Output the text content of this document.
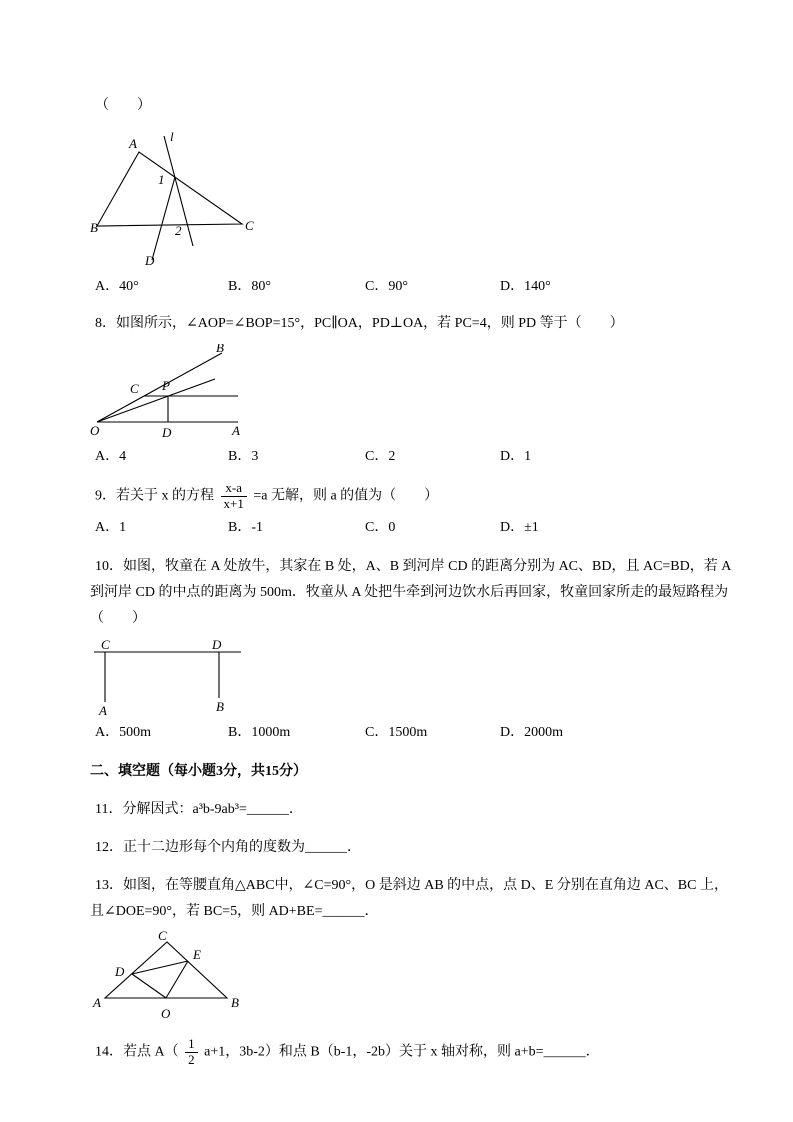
（　　）

A	l
B	C
D
1
2
A．40°	B．80°	C．90°	D．140°

8．如图所示，∠AOP=∠BOP=15°，PC∥OA，PD⊥OA，若 PC=4，则 PD 等于（　　）

O	A
B
C P
D
A．4	B．3	C．2	D．1

9．若关于 x 的方程 $\frac{x-a}{x+1} =a$ 无解，则 a 的值为（　　）

A．1	B．-1	C．0	D．±1

10．如图，牧童在 A 处放牛，其家在 B 处，A、B 到河岸 CD 的距离分别为 AC、BD，且 AC=BD，若 A 到河岸 CD 的中点的距离为 500m．牧童从 A 处把牛牵到河边饮水后再回家，牧童回家所走的最短路程为（　　）

C	D
A	B
A．500m	B．1000m	C．1500m	D．2000m

二、填空题（每小题3分，共15分）

11．分解因式：a³b-9ab³=______．

12．正十二边形每个内角的度数为______．

13．如图，在等腰直角△ABC中，∠C=90°，O 是斜边 AB 的中点，点 D、E 分别在直角边 AC、BC 上，且∠DOE=90°，若 BC=5，则 AD+BE=______．

A	B
C
D
E
O

14．若点 $A( \frac{1}{2} a+1$，3b-2）和点 B（b-1，-2b）关于 x 轴对称，则 a+b=______．
